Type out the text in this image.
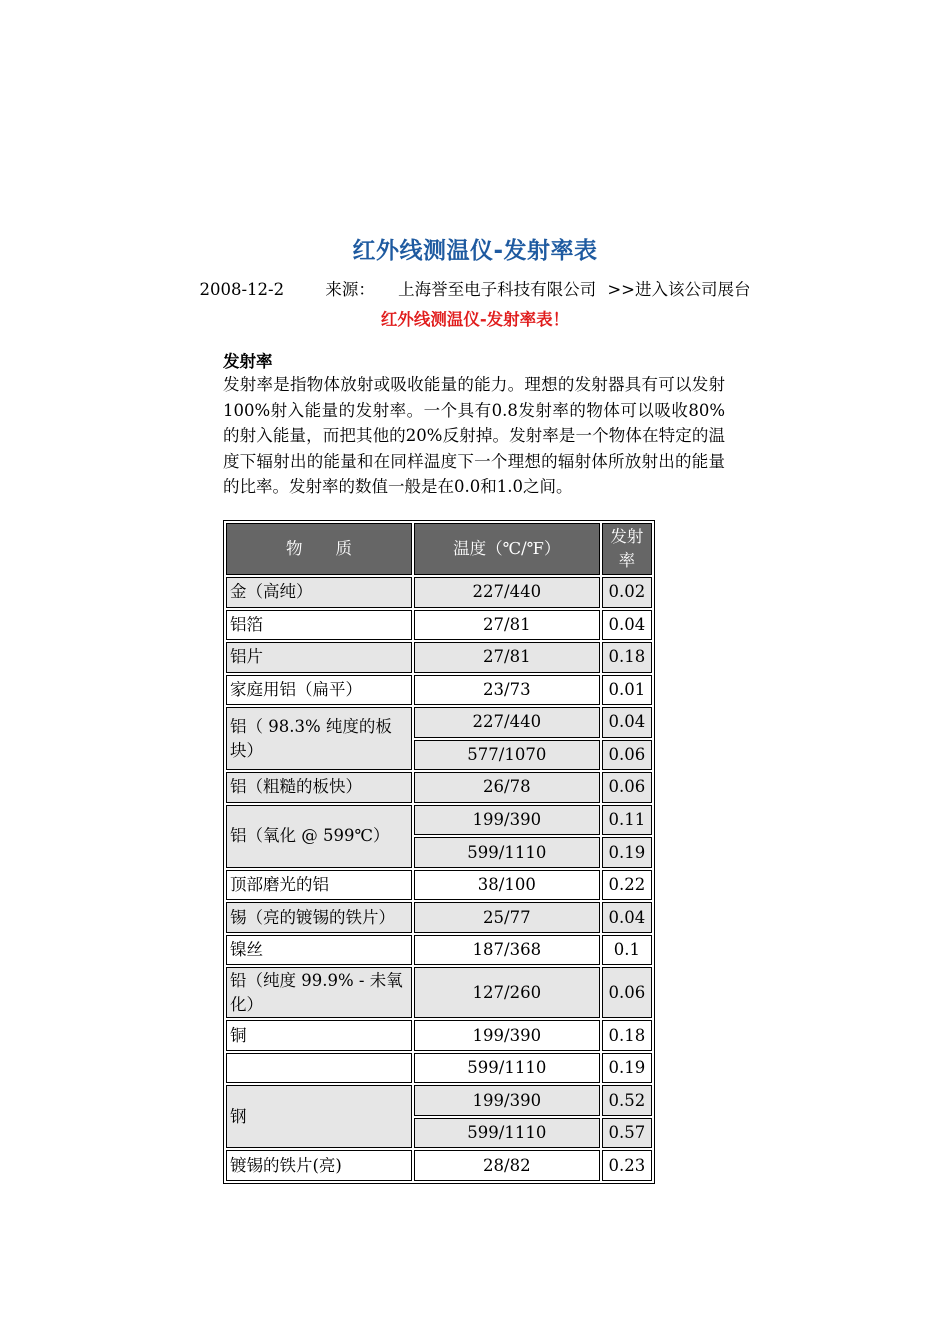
红外线测温仪-发射率表
2008-12-2	来源： 上海誉至电子科技有限公司 >>进入该公司展台
红外线测温仪-发射率表！
发射率
发射率是指物体放射或吸收能量的能力。理想的发射器具有可以发射100%射入能量的发射率。一个具有0.8发射率的物体可以吸收80%的射入能量，而把其他的20%反射掉。发射率是一个物体在特定的温度下辐射出的能量和在同样温度下一个理想的辐射体所放射出的能量的比率。发射率的数值一般是在0.0和1.0之间。
物　　质	温度（℃/℉）	发射率
金（高纯）	227/440	0.02
铝箔	27/81	0.04
铝片	27/81	0.18
家庭用铝（扁平）	23/73	0.01
铝（ 98.3% 纯度的板块）	227/440	0.04
	577/1070	0.06
铝（粗糙的板快）	26/78	0.06
铝（氧化 @ 599℃）	199/390	0.11
	599/1110	0.19
顶部磨光的铝	38/100	0.22
锡（亮的镀锡的铁片）	25/77	0.04
镍丝	187/368	0.1
铅（纯度 99.9% - 未氧化）	127/260	0.06
铜	199/390	0.18
	599/1110	0.19
钢	199/390	0.52
	599/1110	0.57
镀锡的铁片(亮)	28/82	0.23
